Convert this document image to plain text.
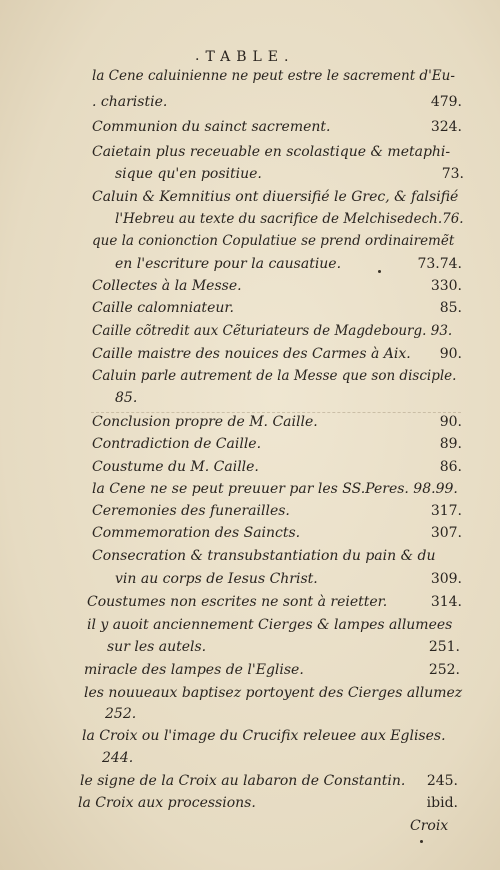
. TABLE.
la Cene caluinienne ne peut estre le sacrement d'Eu-
. charistie.	479.
Communion du sainct sacrement.	324.
Caietain plus receuable en scolastique & metaphi-
sique qu'en positiue.	73.
Caluin & Kemnitius ont diuersifié le Grec, & falsifié
l'Hebreu au texte du sacrifice de Melchisedech.76.
que la conionction Copulatiue se prend ordinairemẽt
en l'escriture pour la causatiue.	73.74.
Collectes à la Messe.	330.
Caille calomniateur.	85.
Caille cõtredit aux Cẽturiateurs de Magdebourg. 93.
Caille maistre des nouices des Carmes à Aix. 90.
Caluin parle autrement de la Messe que son disciple.
85.
Conclusion propre de M. Caille.	90.
Contradiction de Caille.	89.
Coustume du M. Caille.	86.
la Cene ne se peut preuuer par les SS.Peres. 98.99.
Ceremonies des funerailles.	317.
Commemoration des Saincts.	307.
Consecration & transubstantiation du pain & du
vin au corps de Iesus Christ.	309.
Coustumes non escrites ne sont à reietter.	314.
il y auoit anciennement Cierges & lampes allumees
sur les autels.	251.
miracle des lampes de l'Eglise.	252.
les nouueaux baptisez portoyent des Cierges allumez
252.
la Croix ou l'image du Crucifix releuee aux Eglises.
244.
le signe de la Croix au labaron de Constantin. 245.
la Croix aux processions.	ibid.
Croix
